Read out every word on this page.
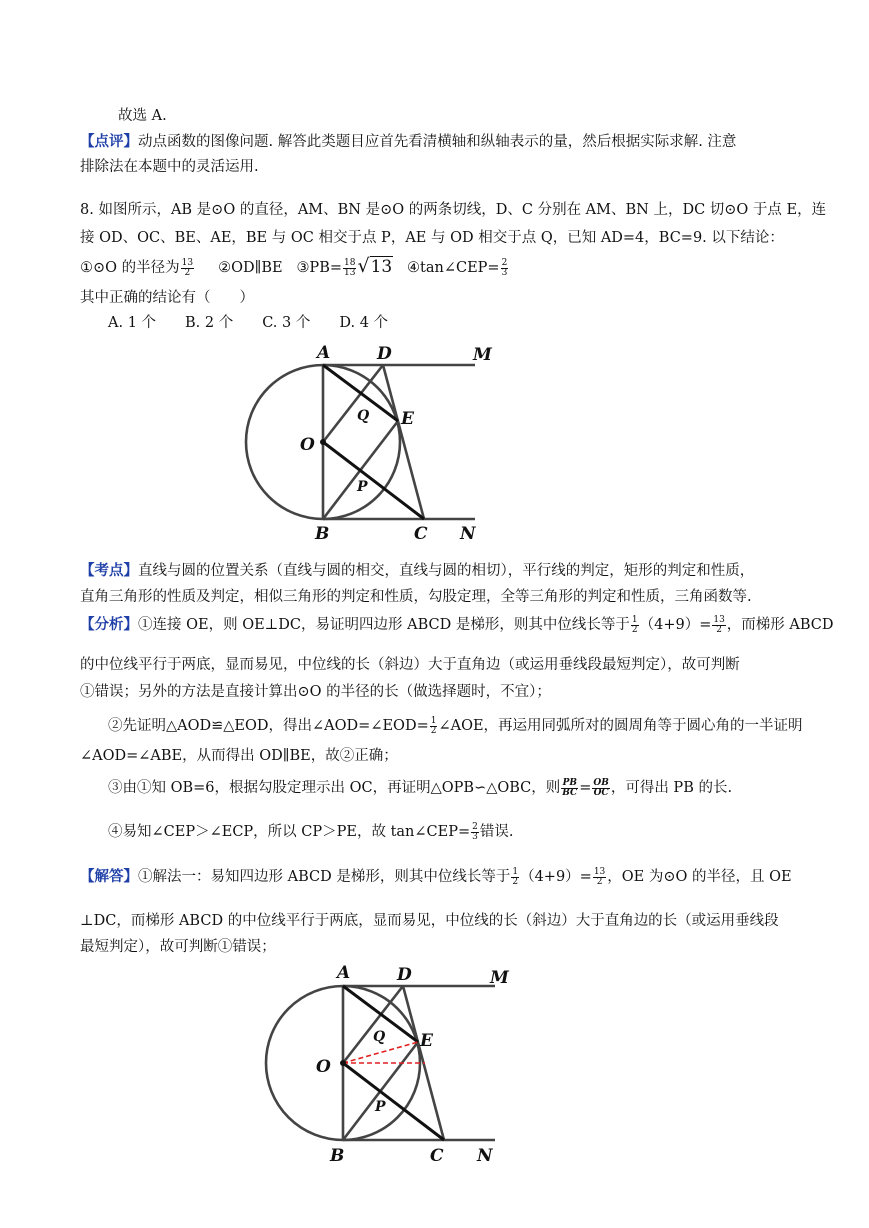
故选 A.
【点评】动点函数的图像问题. 解答此类题目应首先看清横轴和纵轴表示的量，然后根据实际求解. 注意
排除法在本题中的灵活运用.
8. 如图所示，AB 是⊙O 的直径，AM、BN 是⊙O 的两条切线，D、C 分别在 AM、BN 上，DC 切⊙O 于点 E，连
接 OD、OC、BE、AE，BE 与 OC 相交于点 P，AE 与 OD 相交于点 Q，已知 AD=4，BC=9. 以下结论：
①⊙O 的半径为 $\frac{13}{2}$ ②OD∥BE ③PB= $\frac{18}{13} √13$ ④tan∠CEP= $\frac{2}{3}$
其中正确的结论有（　　）
A. 1 个　　B. 2 个　　C. 3 个　　D. 4 个
A	D	M
O
Q E
P
B	C N
【考点】直线与圆的位置关系（直线与圆的相交，直线与圆的相切），平行线的判定，矩形的判定和性质，
直角三角形的性质及判定，相似三角形的判定和性质，勾股定理，全等三角形的判定和性质，三角函数等.
【分析】①连接 OE，则 OE⊥DC，易证明四边形 ABCD 是梯形，则其中位线长等于 $\frac{1}{2} (4+9)= \frac{13}{2}$ ，而梯形 ABCD
的中位线平行于两底，显而易见，中位线的长（斜边）大于直角边（或运用垂线段最短判定），故可判断
①错误；另外的方法是直接计算出⊙O 的半径的长（做选择题时，不宜）；
②先证明△AOD≌△EOD，得出∠AOD=∠EOD= $\frac{1}{2}$ ∠AOE，再运用同弧所对的圆周角等于圆心角的一半证明
∠AOD=∠ABE，从而得出 OD∥BE，故②正确；
③由①知 OB=6，根据勾股定理示出 OC，再证明△OPB∽△OBC，则 $\frac{PB}{BC} = \frac{OB}{OC}$ ，可得出 PB 的长.
④易知∠CEP＞∠ECP，所以 CP＞PE，故 tan∠CEP= $\frac{2}{3}$ 错误.
【解答】①解法一：易知四边形 ABCD 是梯形，则其中位线长等于 $\frac{1}{2} (4+9)= \frac{13}{2}$ ，OE 为⊙O 的半径，且 OE
⊥DC，而梯形 ABCD 的中位线平行于两底，显而易见，中位线的长（斜边）大于直角边的长（或运用垂线段
最短判定），故可判断①错误；
A	D	M
O
Q E
P
B	C N
